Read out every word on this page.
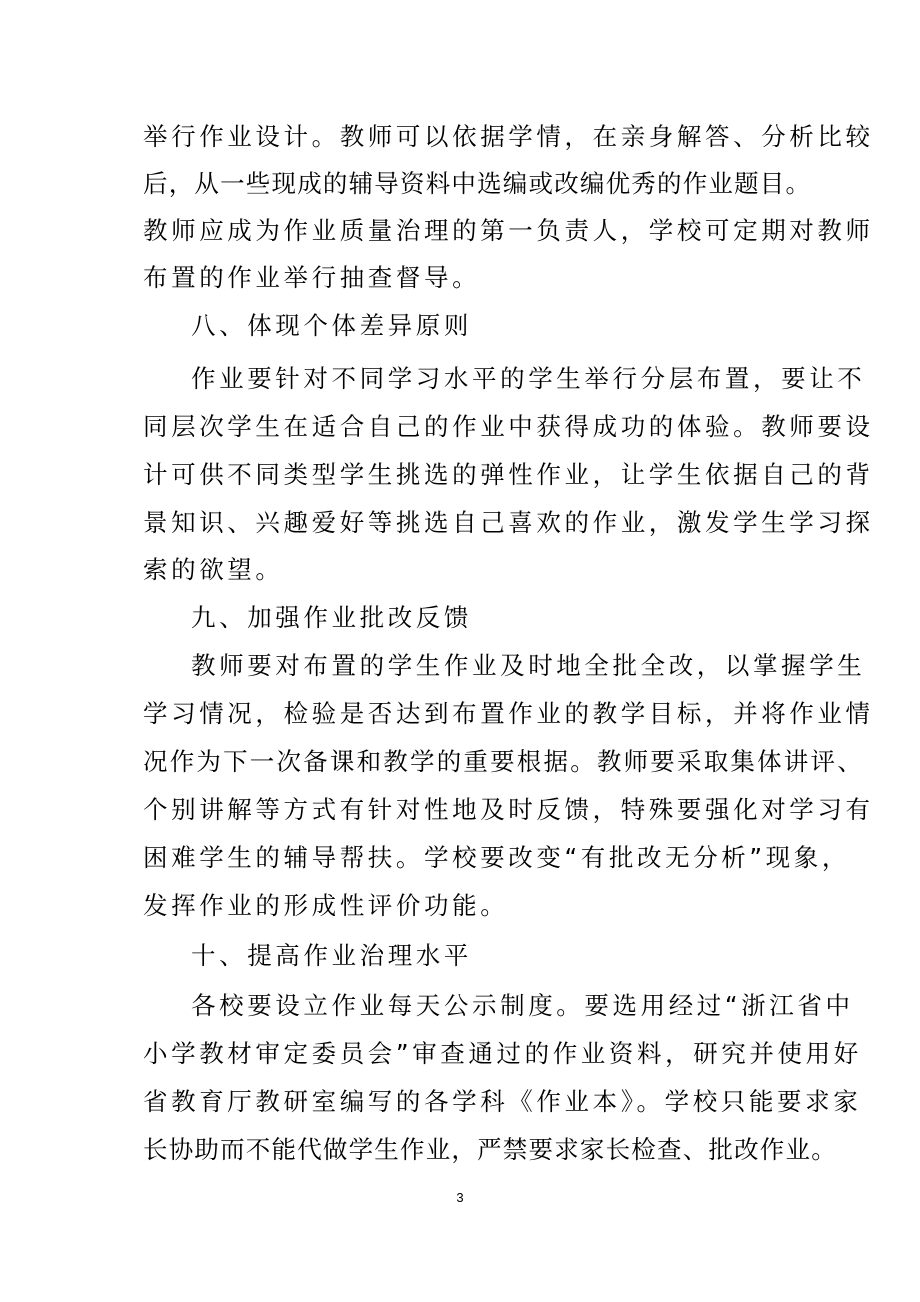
举行作业设计。教师可以依据学情，在亲身解答、分析比较
后，从一些现成的辅导资料中选编或改编优秀的作业题目。
教师应成为作业质量治理的第一负责人，学校可定期对教师
布置的作业举行抽查督导。
八、体现个体差异原则
作业要针对不同学习水平的学生举行分层布置，要让不
同层次学生在适合自己的作业中获得成功的体验。教师要设
计可供不同类型学生挑选的弹性作业，让学生依据自己的背
景知识、兴趣爱好等挑选自己喜欢的作业，激发学生学习探
索的欲望。
九、加强作业批改反馈
教师要对布置的学生作业及时地全批全改，以掌握学生
学习情况，检验是否达到布置作业的教学目标，并将作业情
况作为下一次备课和教学的重要根据。教师要采取集体讲评、
个别讲解等方式有针对性地及时反馈，特殊要强化对学习有
困难学生的辅导帮扶。学校要改变“有批改无分析”现象，
发挥作业的形成性评价功能。
十、提高作业治理水平
各校要设立作业每天公示制度。要选用经过“浙江省中
小学教材审定委员会”审查通过的作业资料，研究并使用好
省教育厅教研室编写的各学科《作业本》。学校只能要求家
长协助而不能代做学生作业，严禁要求家长检查、批改作业。
3
